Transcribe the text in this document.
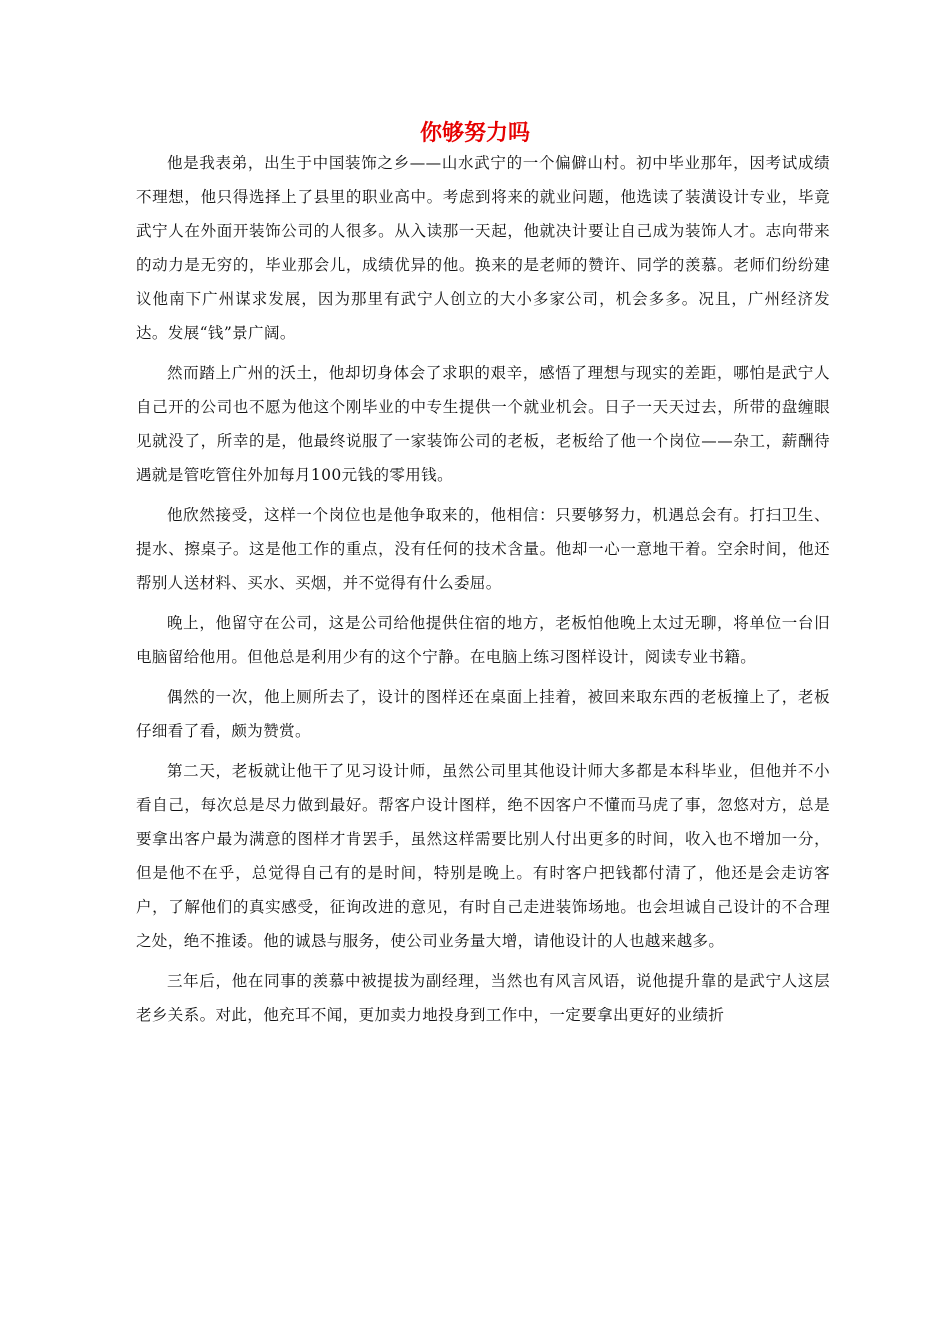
你够努力吗

他是我表弟，出生于中国装饰之乡——山水武宁的一个偏僻山村。初中毕业那年，因考试成绩不理想，他只得选择上了县里的职业高中。考虑到将来的就业问题，他选读了装潢设计专业，毕竟武宁人在外面开装饰公司的人很多。从入读那一天起，他就决计要让自己成为装饰人才。志向带来的动力是无穷的，毕业那会儿，成绩优异的他。换来的是老师的赞许、同学的羡慕。老师们纷纷建议他南下广州谋求发展，因为那里有武宁人创立的大小多家公司，机会多多。况且，广州经济发达。发展“钱”景广阔。

然而踏上广州的沃土，他却切身体会了求职的艰辛，感悟了理想与现实的差距，哪怕是武宁人自己开的公司也不愿为他这个刚毕业的中专生提供一个就业机会。日子一天天过去，所带的盘缠眼见就没了，所幸的是，他最终说服了一家装饰公司的老板，老板给了他一个岗位——杂工，薪酬待遇就是管吃管住外加每月100元钱的零用钱。

他欣然接受，这样一个岗位也是他争取来的，他相信：只要够努力，机遇总会有。打扫卫生、提水、擦桌子。这是他工作的重点，没有任何的技术含量。他却一心一意地干着。空余时间，他还帮别人送材料、买水、买烟，并不觉得有什么委屈。

晚上，他留守在公司，这是公司给他提供住宿的地方，老板怕他晚上太过无聊，将单位一台旧电脑留给他用。但他总是利用少有的这个宁静。在电脑上练习图样设计，阅读专业书籍。

偶然的一次，他上厕所去了，设计的图样还在桌面上挂着，被回来取东西的老板撞上了，老板仔细看了看，颇为赞赏。

第二天，老板就让他干了见习设计师，虽然公司里其他设计师大多都是本科毕业，但他并不小看自己，每次总是尽力做到最好。帮客户设计图样，绝不因客户不懂而马虎了事，忽悠对方，总是要拿出客户最为满意的图样才肯罢手，虽然这样需要比别人付出更多的时间，收入也不增加一分，但是他不在乎，总觉得自己有的是时间，特别是晚上。有时客户把钱都付清了，他还是会走访客户，了解他们的真实感受，征询改进的意见，有时自己走进装饰场地。也会坦诚自己设计的不合理之处，绝不推诿。他的诚恳与服务，使公司业务量大增，请他设计的人也越来越多。

三年后，他在同事的羡慕中被提拔为副经理，当然也有风言风语，说他提升靠的是武宁人这层老乡关系。对此，他充耳不闻，更加卖力地投身到工作中，一定要拿出更好的业绩折
